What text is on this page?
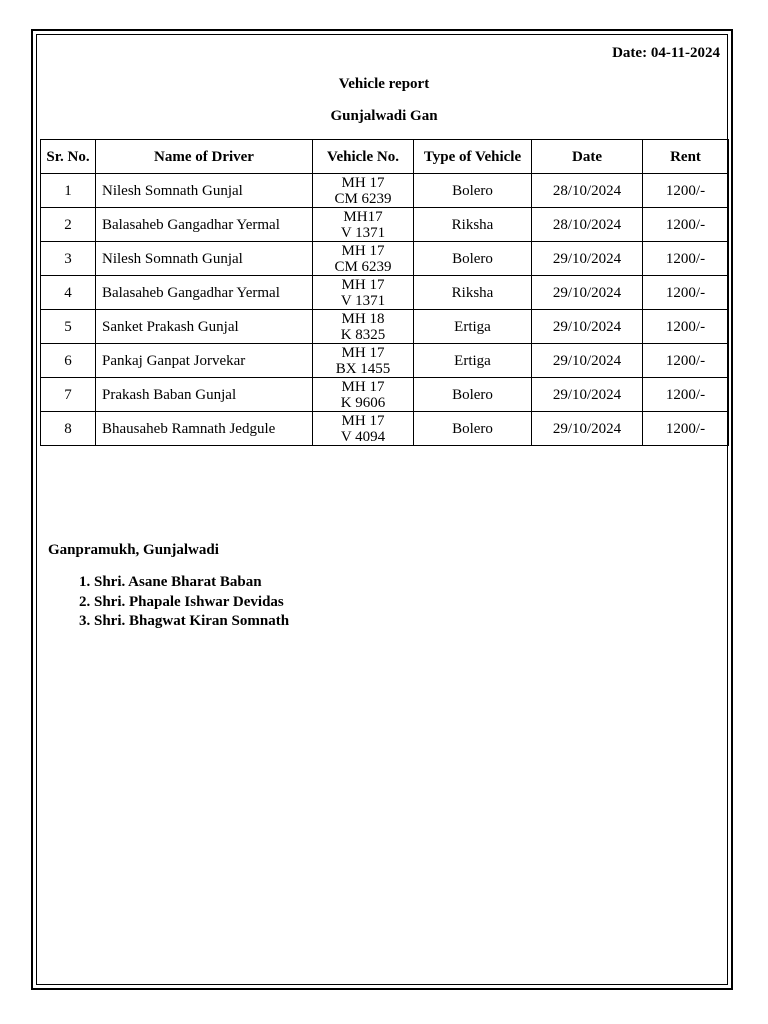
Date: 04-11-2024
Vehicle report
Gunjalwadi Gan
Sr. No.	Name of Driver	Vehicle No.	Type of Vehicle	Date	Rent
1	Nilesh Somnath Gunjal	MH 17
CM 6239	Bolero	28/10/2024	1200/-
2	Balasaheb Gangadhar Yermal	MH17
V 1371	Riksha	28/10/2024	1200/-
3	Nilesh Somnath Gunjal	MH 17
CM 6239	Bolero	29/10/2024	1200/-
4	Balasaheb Gangadhar Yermal	MH 17
V 1371	Riksha	29/10/2024	1200/-
5	Sanket Prakash Gunjal	MH 18
K 8325	Ertiga	29/10/2024	1200/-
6	Pankaj Ganpat Jorvekar	MH 17
BX 1455	Ertiga	29/10/2024	1200/-
7	Prakash Baban Gunjal	MH 17
K 9606	Bolero	29/10/2024	1200/-
8	Bhausaheb Ramnath Jedgule	MH 17
V 4094	Bolero	29/10/2024	1200/-
Ganpramukh, Gunjalwadi
1. Shri. Asane Bharat Baban
2. Shri. Phapale Ishwar Devidas
3. Shri. Bhagwat Kiran Somnath
